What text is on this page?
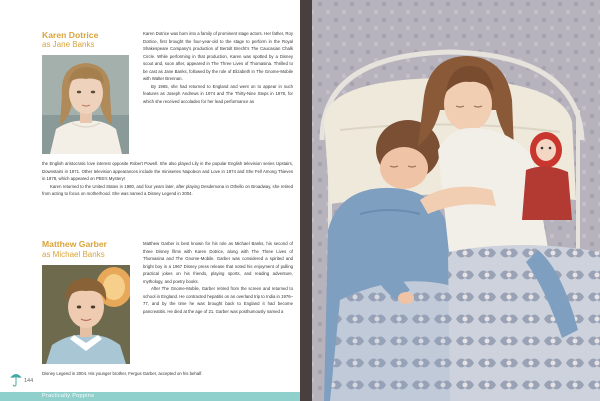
Karen Dotrice
as Jane Banks

Karen Dotrice was born into a family of prominent stage actors. Her father, Roy Dotrice, first brought the four-year-old to the stage to perform in the Royal Shakespeare Company's production of Bertolt Brecht's The Caucasian Chalk Circle. While performing in that production, Karen was spotted by a Disney scout and, soon after, appeared in The Three Lives of Thomasina. Thrilled to be cast as Jane Banks, followed by the role of Elizabeth in The Gnome-Mobile with Walter Brennan.

By 1965, she had returned to England and went on to appear in such features as Joseph Andrews in 1974 and The Thirty-Nine Steps in 1978, for which she received accolades for her lead performance as

the English aristocratic love interest opposite Robert Powell. She also played Lily in the popular English television series Upstairs, Downstairs in 1971. Other television appearances include the miniseries Napoleon and Love in 1974 and She Fell Among Thieves in 1978, which appeared on PBS's Mystery!

Karen returned to the United States in 1980, and four years later, after playing Desdemona in Othello on Broadway, she retired from acting to focus on motherhood. She was named a Disney Legend in 2004.

Matthew Garber
as Michael Banks

Matthew Garber is best known for his role as Michael Banks, his second of three Disney films with Karen Dotrice, along with The Three Lives of Thomasina and The Gnome-Mobile. Garber was considered a spirited and bright boy in a 1967 Disney press release that noted his enjoyment of pulling practical jokes on his friends, playing sports, and reading adventure, mythology, and poetry books.

After The Gnome-Mobile, Garber retired from the screen and returned to school in England. He contracted hepatitis on an overland trip to India in 1976–77, and by the time he was brought back to England it had become pancreatitis. He died at the age of 21. Garber was posthumously named a

Disney Legend in 2004. His younger brother, Fergus Garber, accepted on his behalf.

144
Practically Poppins
